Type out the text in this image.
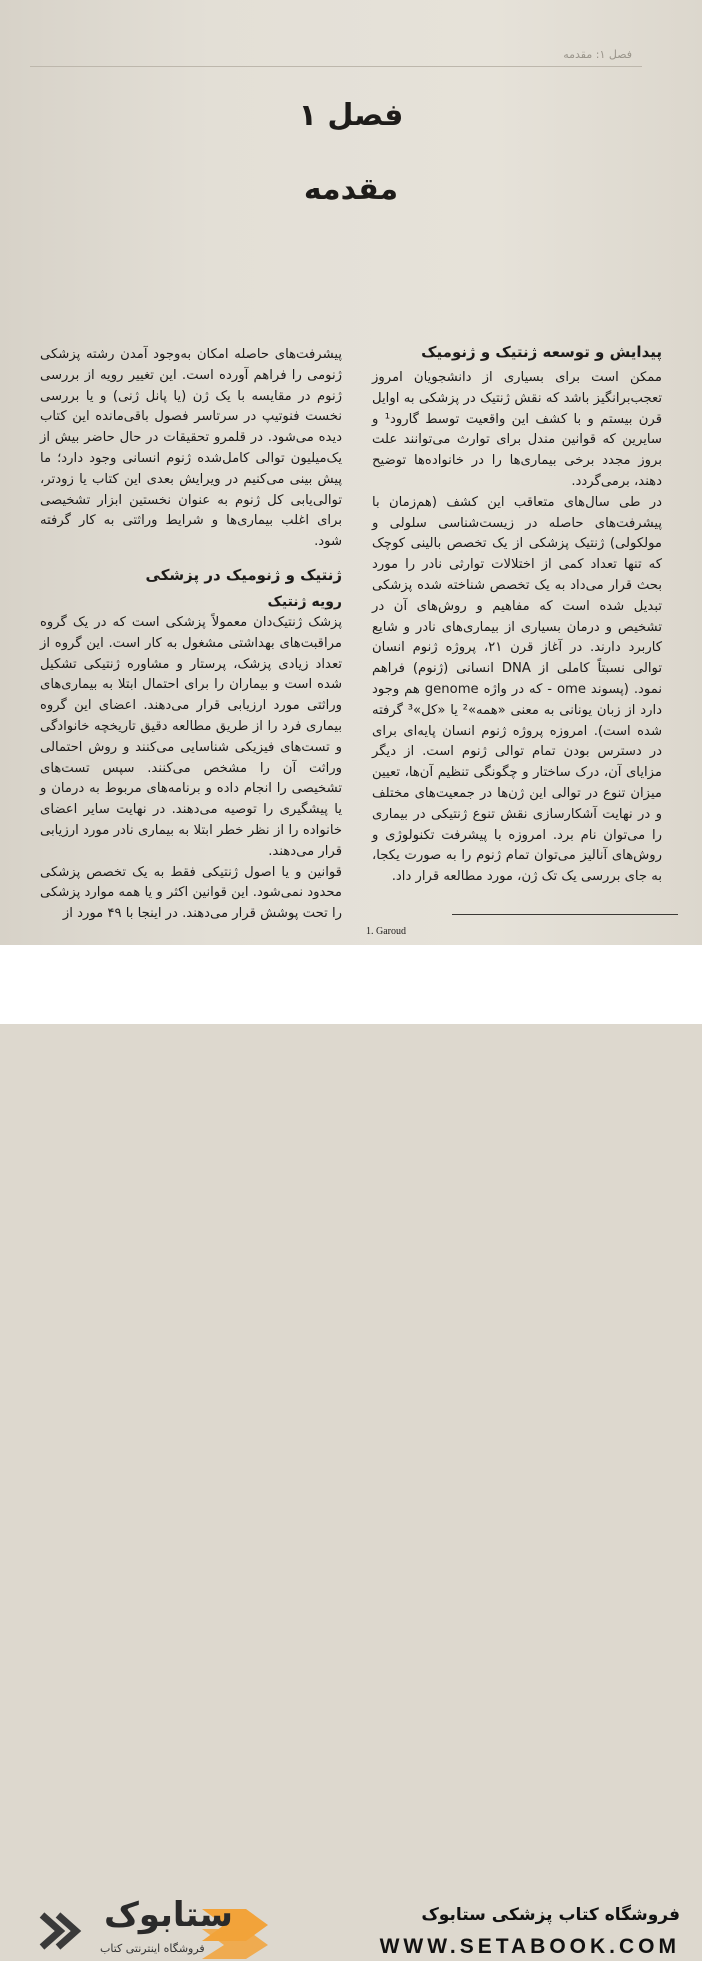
فصل ۱: مقدمه
فصل ۱
مقدمه
پیدایش و توسعه ژنتیک و ژنومیک

ممکن است برای بسیاری از دانشجویان امروز تعجب‌برانگیز باشد که نقش ژنتیک در پزشکی به اوایل قرن بیستم و با کشف این واقعیت توسط گارود¹ و سایرین که قوانین مندل برای توارث می‌توانند علت بروز مجدد برخی بیماری‌ها را در خانواده‌ها توضیح دهند، برمی‌گردد.

در طی سال‌های متعاقب این کشف (هم‌زمان با پیشرفت‌های حاصله در زیست‌شناسی سلولی و مولکولی) ژنتیک پزشکی از یک تخصص بالینی کوچک که تنها تعداد کمی از اختلالات توارثی نادر را مورد بحث قرار می‌داد به یک تخصص شناخته شده پزشکی تبدیل شده است که مفاهیم و روش‌های آن در تشخیص و درمان بسیاری از بیماری‌های نادر و شایع کاربرد دارند. در آغاز قرن ۲۱، پروژه ژنوم انسان توالی نسبتاً کاملی از DNA انسانی (ژنوم) فراهم نمود. (پسوند ome - که در واژه genome هم وجود دارد از زبان یونانی به معنی «همه»² یا «کل»³ گرفته شده است). امروزه پروژه ژنوم انسان پایه‌ای برای در دسترس بودن تمام توالی ژنوم است. از دیگر مزایای آن، درک ساختار و چگونگی تنظیم آن‌ها، تعیین میزان تنوع در توالی این ژن‌ها در جمعیت‌های مختلف و در نهایت آشکارسازی نقش تنوع ژنتیکی در بیماری را می‌توان نام برد. امروزه با پیشرفت تکنولوژی و روش‌های آنالیز می‌توان تمام ژنوم را به صورت یکجا، به جای بررسی یک تک ژن، مورد مطالعه قرار داد.

پیشرفت‌های حاصله امکان به‌وجود آمدن رشته پزشکی ژنومی را فراهم آورده است. این تغییر رویه از بررسی ژنوم در مقایسه با یک ژن (یا پانل ژنی) و یا بررسی نخست فنوتیپ در سرتاسر فصول باقی‌مانده این کتاب دیده می‌شود. در قلمرو تحقیقات در حال حاضر بیش از یک‌میلیون توالی کامل‌شده ژنوم انسانی وجود دارد؛ ما پیش بینی می‌کنیم در ویرایش بعدی این کتاب یا زودتر، توالی‌یابی کل ژنوم به عنوان نخستین ابزار تشخیصی برای اغلب بیماری‌ها و شرایط وراثتی به کار گرفته شود.

ژنتیک و ژنومیک در پزشکی
رویه ژنتیک

پزشک ژنتیک‌دان معمولاً پزشکی است که در یک گروه مراقبت‌های بهداشتی مشغول به کار است. این گروه از تعداد زیادی پزشک، پرستار و مشاوره ژنتیکی تشکیل شده است و بیماران را برای احتمال ابتلا به بیماری‌های وراثتی مورد ارزیابی قرار می‌دهند. اعضای این گروه بیماری فرد را از طریق مطالعه دقیق تاریخچه خانوادگی و تست‌های فیزیکی شناسایی می‌کنند و روش احتمالی وراثت آن را مشخص می‌کنند. سپس تست‌های تشخیصی را انجام داده و برنامه‌های مربوط به درمان و یا پیشگیری را توصیه می‌دهند. در نهایت سایر اعضای خانواده را از نظر خطر ابتلا به بیماری نادر مورد ارزیابی قرار می‌دهند.

قوانین و یا اصول ژنتیکی فقط به یک تخصص پزشکی محدود نمی‌شود. این قوانین اکثر و یا همه موارد پزشکی را تحت پوشش قرار می‌دهند. در اینجا با ۴۹ مورد از

1. Garoud
ستابوک
فروشگاه اینترنتی کتاب
فروشگاه کتاب پزشکی ستابوک
WWW.SETABOOK.COM
